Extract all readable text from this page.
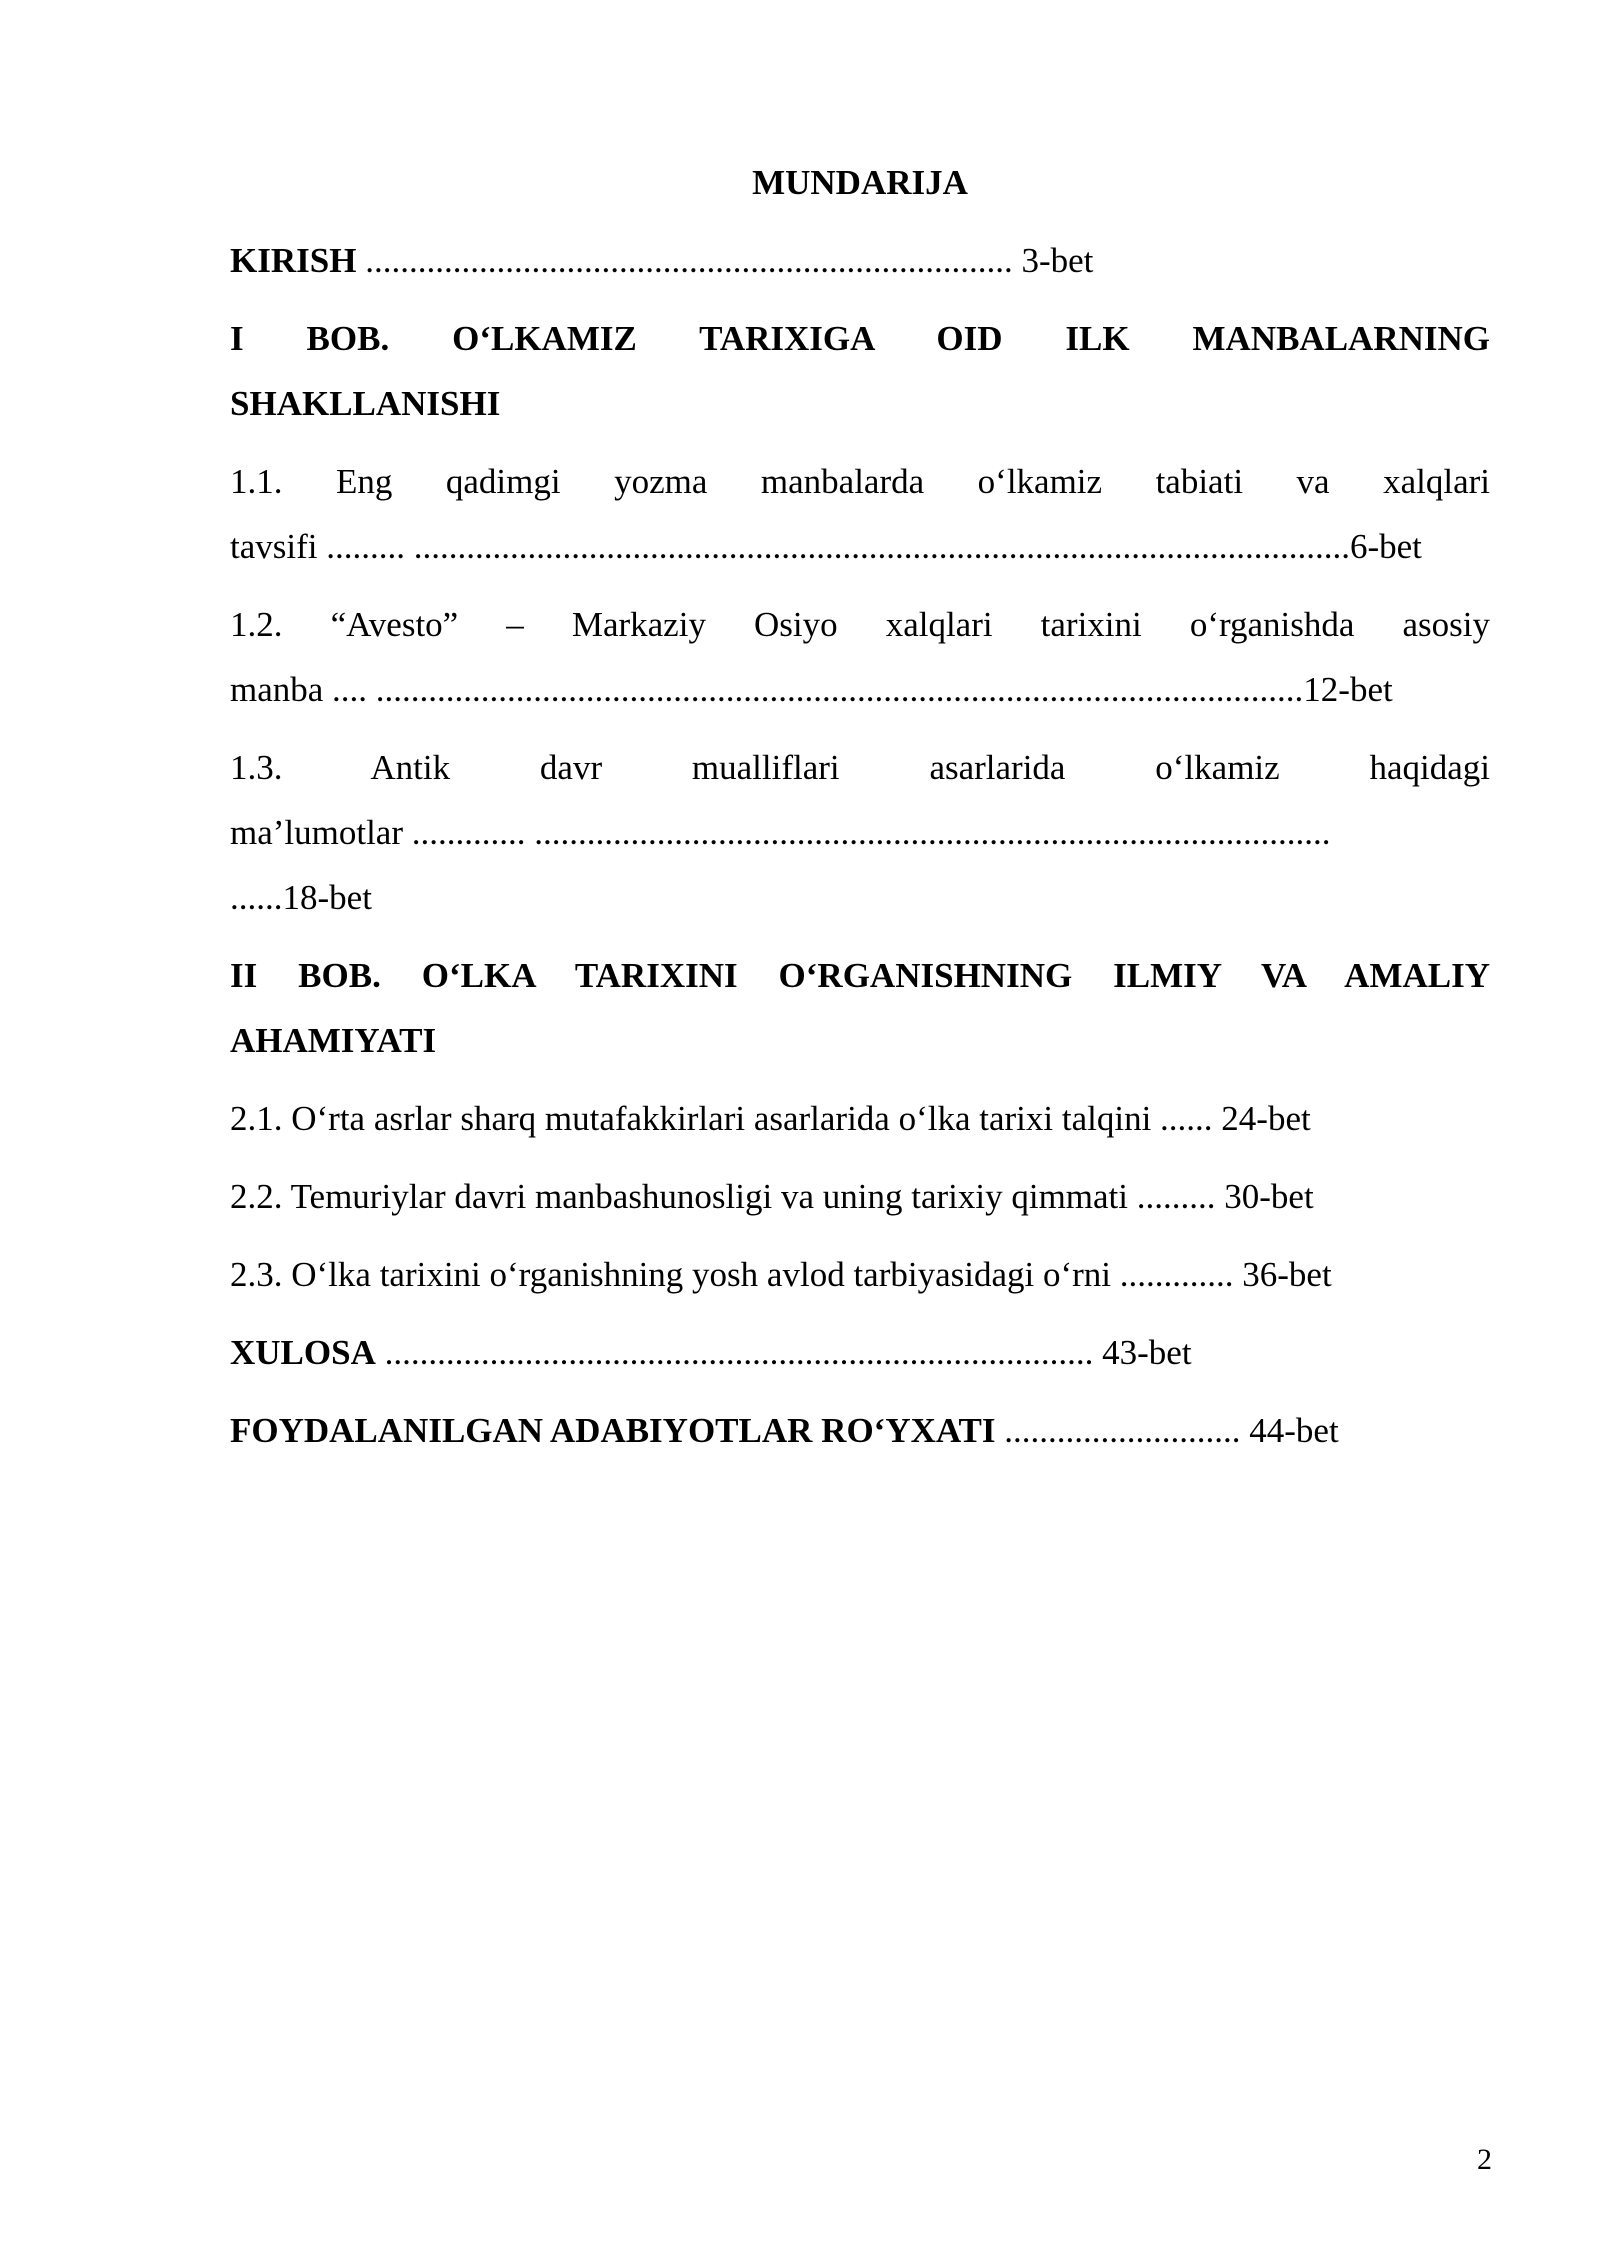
MUNDARIJA
KIRISH .......................................................................... 3-bet
I BOB. O‘LKAMIZ TARIXIGA OID ILK MANBALARNING
SHAKLLANISHI
1.1. Eng qadimgi yozma manbalarda o‘lkamiz tabiati va xalqlari
tavsifi ......... ...........................................................................................................6-bet
1.2. “Avesto” – Markaziy Osiyo xalqlari tarixini o‘rganishda asosiy
manba .... ..........................................................................................................12-bet
1.3. Antik davr mualliflari asarlarida o‘lkamiz haqidagi
ma’lumotlar ............. ...........................................................................................
......18-bet
II BOB. O‘LKA TARIXINI O‘RGANISHNING ILMIY VA AMALIY
AHAMIYATI
2.1. O‘rta asrlar sharq mutafakkirlari asarlarida o‘lka tarixi talqini ...... 24-bet
2.2. Temuriylar davri manbashunosligi va uning tarixiy qimmati ......... 30-bet
2.3. O‘lka tarixini o‘rganishning yosh avlod tarbiyasidagi o‘rni ............. 36-bet
XULOSA ................................................................................. 43-bet
FOYDALANILGAN ADABIYOTLAR RO‘YXATI ........................... 44-bet
2
